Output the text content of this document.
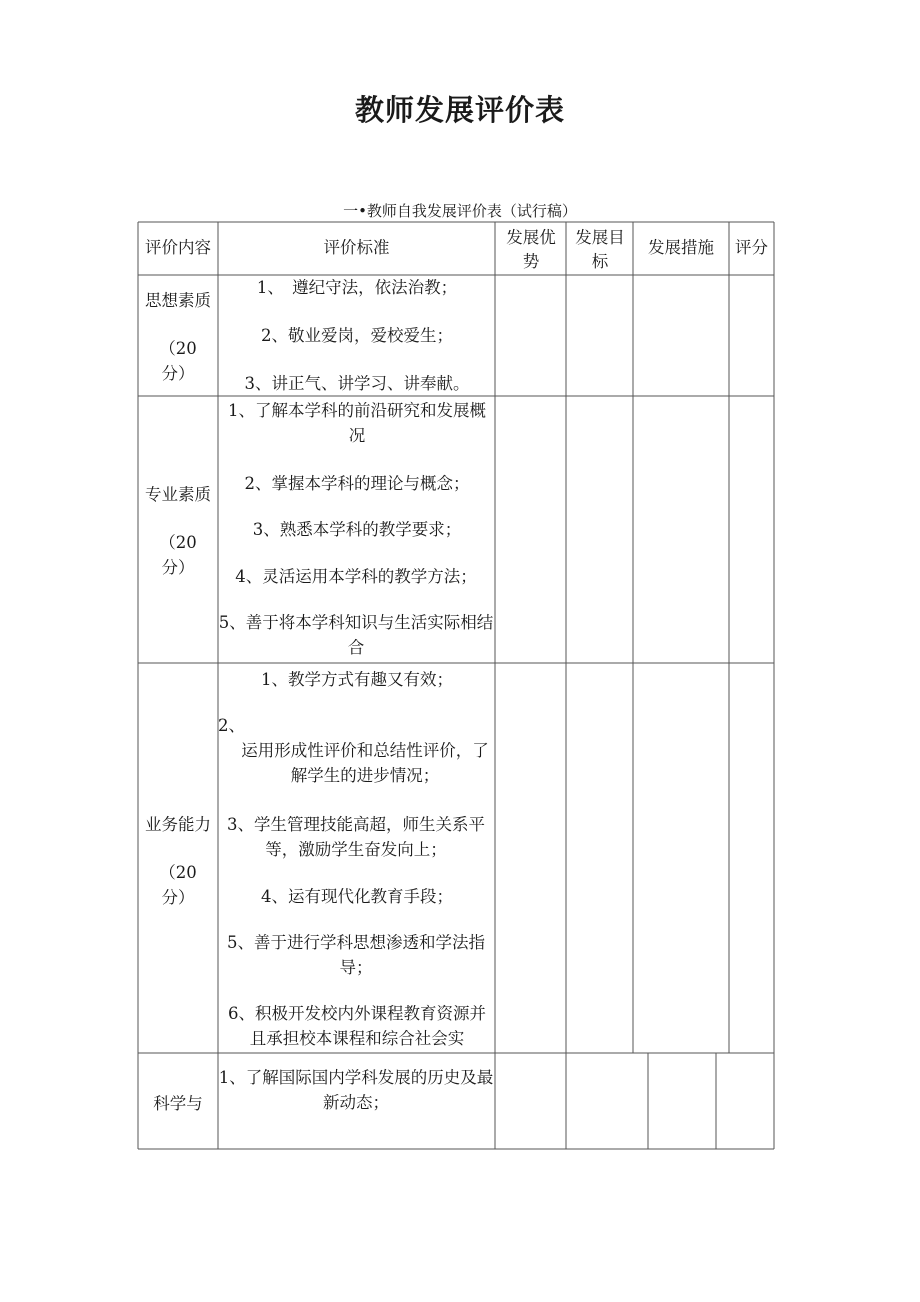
教师发展评价表
一•教师自我发展评价表（试行稿）
评价内容	评价标准
发展优势
发展目标
发展措施	评分
思想素质
（20分）
1、　遵纪守法，依法治教；
2、敬业爱岗，爱校爱生；
3、讲正气、讲学习、讲奉献。
专业素质
（20分）
1、了解本学科的前沿研究和发展概况
2、掌握本学科的理论与概念；
3、熟悉本学科的教学要求；
4、灵活运用本学科的教学方法；
5、善于将本学科知识与生活实际相结合
业务能力
（20分）
1、教学方式有趣又有效；
2、
运用形成性评价和总结性评价，了解学生的进步情况；
3、学生管理技能高超，师生关系平等，激励学生奋发向上；
4、运有现代化教育手段；
5、善于进行学科思想渗透和学法指导；
6、积极开发校内外课程教育资源并且承担校本课程和综合社会实
科学与
1、了解国际国内学科发展的历史及最新动态；
